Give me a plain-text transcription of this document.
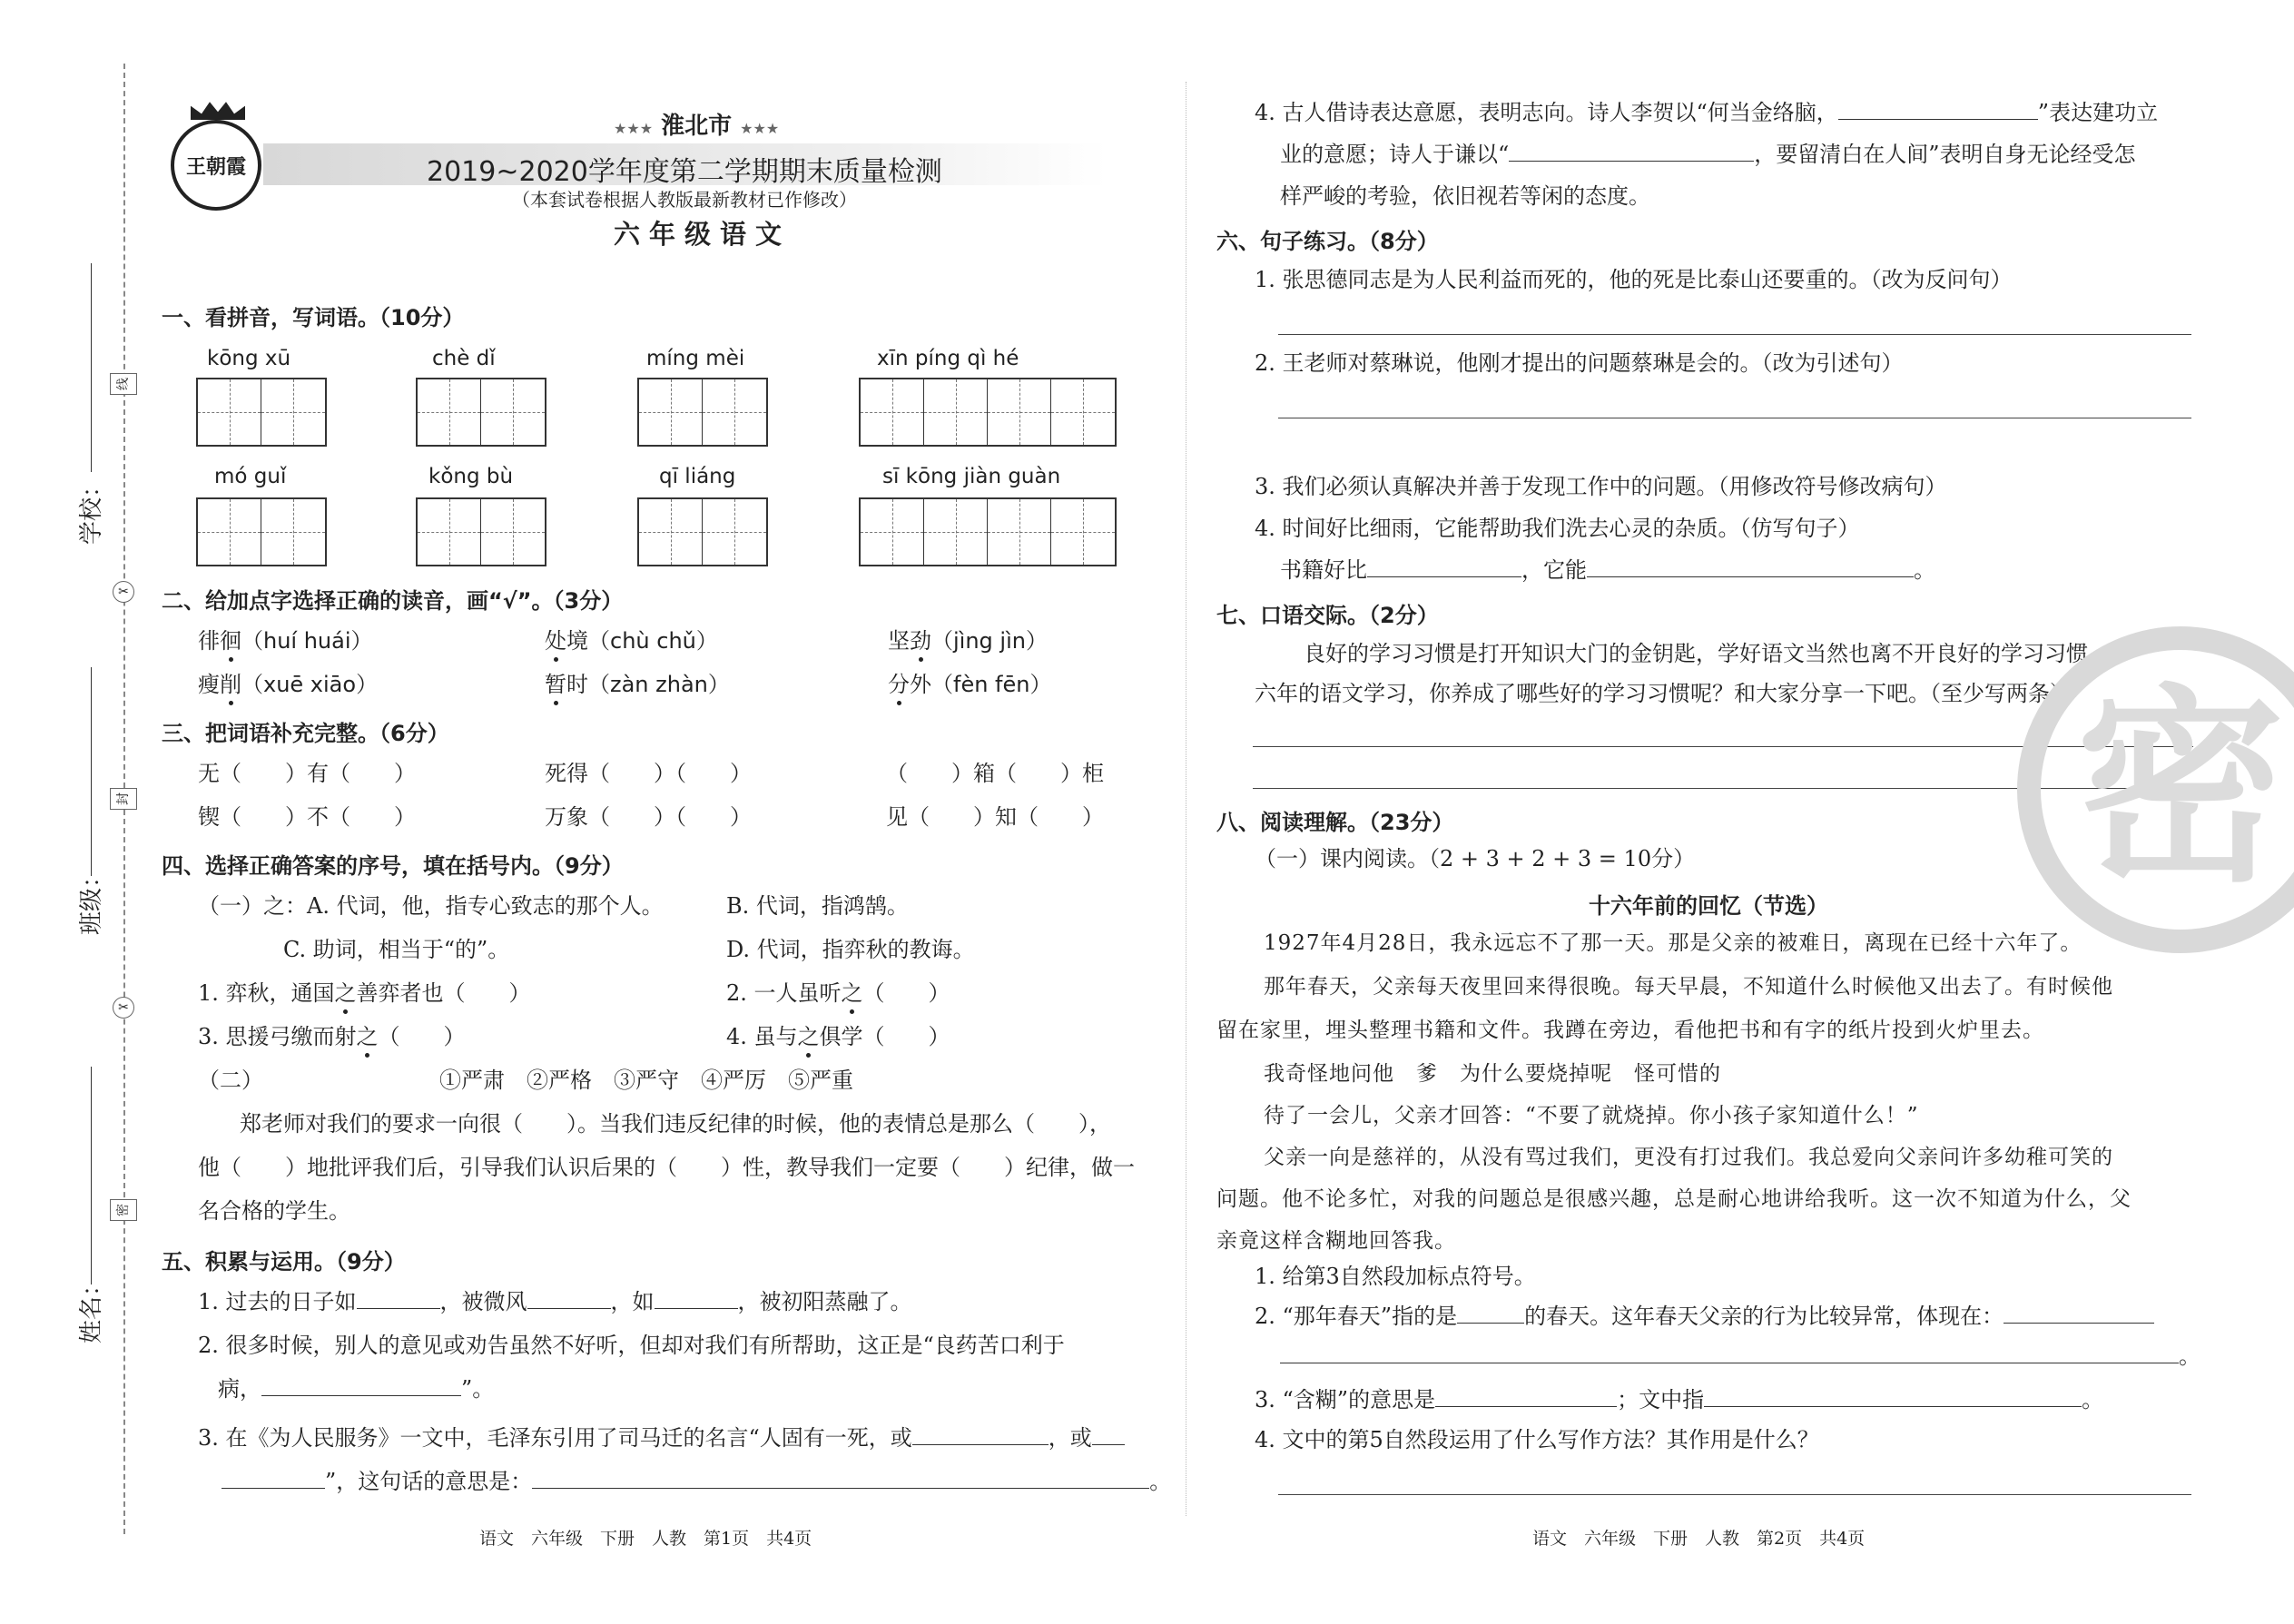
学校：
班级：
姓名：
线
封
密
✂
✂
王朝霞
★★★ 淮北市 ★★★
2019~2020学年度第二学期期末质量检测
（本套试卷根据人教版最新教材已作修改）
六年级语文
一、看拼音，写词语。（10分）
kōng xū	chè dǐ	míng mèi	xīn píng qì hé
mó guǐ	kǒng bù	qī liáng	sī kōng jiàn guàn
二、给加点字选择正确的读音，画“√”。（3分）
徘徊（huí huái）	处境（chù chǔ）	坚劲（jìng jìn）
瘦削（xuē xiāo）	暂时（zàn zhàn）	分外（fèn fēn）
三、把词语补充完整。（6分）
无（　　）有（　　）	死得（　　）（　　）	（　　）箱（　　）柜
锲（　　）不（　　）	万象（　　）（　　）	见（　　）知（　　）
四、选择正确答案的序号，填在括号内。（9分）
（一）之：A. 代词，他，指专心致志的那个人。	B. 代词，指鸿鹄。
C. 助词，相当于“的”。	D. 代词，指弈秋的教诲。
1. 弈秋，通国之善弈者也（　　）	2. 一人虽听之（　　）
3. 思援弓缴而射之（　　）	4. 虽与之俱学（　　）
（二）	①严肃　②严格　③严守　④严厉　⑤严重
郑老师对我们的要求一向很（　　）。当我们违反纪律的时候，他的表情总是那么（　　），
他（　　）地批评我们后，引导我们认识后果的（　　）性，教导我们一定要（　　）纪律，做一
名合格的学生。
五、积累与运用。（9分）
1. 过去的日子如	，被微风	，如	，被初阳蒸融了。
2. 很多时候，别人的意见或劝告虽然不好听，但却对我们有所帮助，这正是“良药苦口利于
病，	”。
3. 在《为人民服务》一文中，毛泽东引用了司马迁的名言“人固有一死，或	，或
”，这句话的意思是：	。
4. 古人借诗表达意愿，表明志向。诗人李贺以“何当金络脑，	”表达建功立
业的意愿；诗人于谦以“	，要留清白在人间”表明自身无论经受怎
样严峻的考验，依旧视若等闲的态度。
六、句子练习。（8分）
1. 张思德同志是为人民利益而死的，他的死是比泰山还要重的。（改为反问句）
2. 王老师对蔡琳说，他刚才提出的问题蔡琳是会的。（改为引述句）
3. 我们必须认真解决并善于发现工作中的问题。（用修改符号修改病句）
4. 时间好比细雨，它能帮助我们洗去心灵的杂质。（仿写句子）
书籍好比	，它能	。
七、口语交际。（2分）
良好的学习习惯是打开知识大门的金钥匙，学好语文当然也离不开良好的学习习惯。
六年的语文学习，你养成了哪些好的学习习惯呢？和大家分享一下吧。（至少写两条）
八、阅读理解。（23分）
（一）课内阅读。（2 + 3 + 2 + 3 = 10分）
十六年前的回忆（节选）
1927年4月28日，我永远忘不了那一天。那是父亲的被难日，离现在已经十六年了。
那年春天，父亲每天夜里回来得很晚。每天早晨，不知道什么时候他又出去了。有时候他
留在家里，埋头整理书籍和文件。我蹲在旁边，看他把书和有字的纸片投到火炉里去。
我奇怪地问他　爹　为什么要烧掉呢　怪可惜的
待了一会儿，父亲才回答：“不要了就烧掉。你小孩子家知道什么！”
父亲一向是慈祥的，从没有骂过我们，更没有打过我们。我总爱向父亲问许多幼稚可笑的
问题。他不论多忙，对我的问题总是很感兴趣，总是耐心地讲给我听。这一次不知道为什么，父
亲竟这样含糊地回答我。
1. 给第3自然段加标点符号。
2. “那年春天”指的是	的春天。这年春天父亲的行为比较异常，体现在：
。
3. “含糊”的意思是	；文中指	。
4. 文中的第5自然段运用了什么写作方法？其作用是什么？
密
语文　六年级　下册　人教　第1页　共4页	语文　六年级　下册　人教　第2页　共4页
